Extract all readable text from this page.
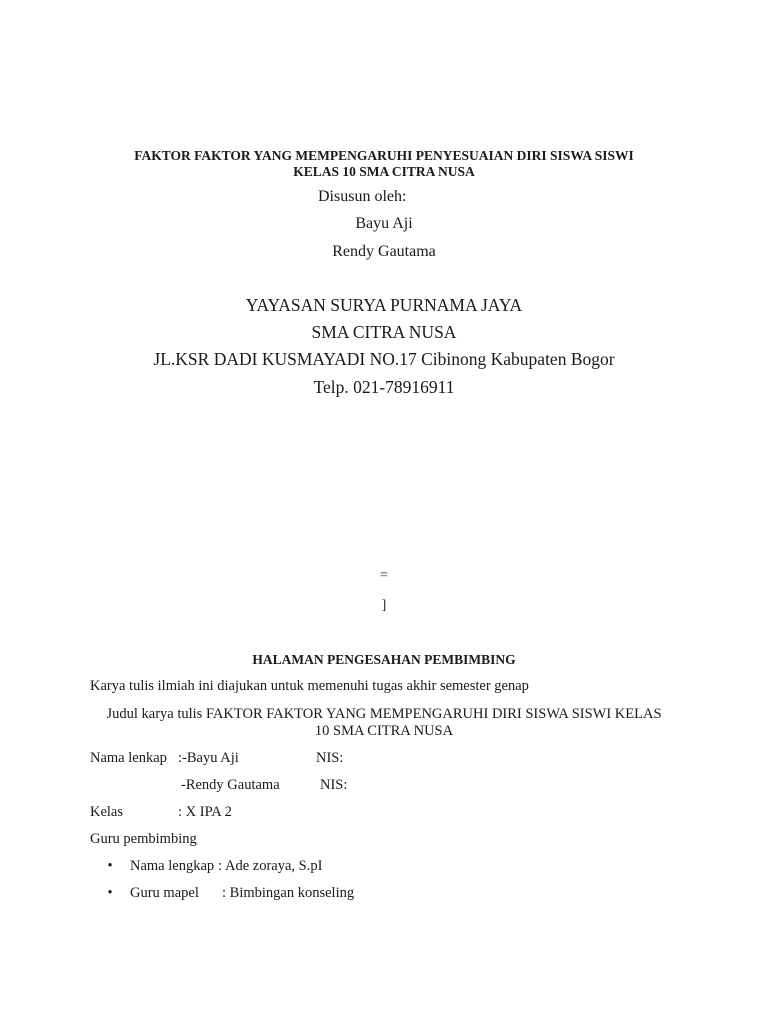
FAKTOR FAKTOR YANG MEMPENGARUHI PENYESUAIAN DIRI SISWA SISWI
KELAS 10 SMA CITRA NUSA
Disusun oleh:
Bayu Aji
Rendy Gautama
YAYASAN SURYA PURNAMA JAYA
SMA CITRA NUSA
JL.KSR DADI KUSMAYADI NO.17 Cibinong Kabupaten Bogor
Telp. 021-78916911
=
]
HALAMAN PENGESAHAN PEMBIMBING
Karya tulis ilmiah ini diajukan untuk memenuhi tugas akhir semester genap
Judul karya tulis FAKTOR FAKTOR YANG MEMPENGARUHI DIRI SISWA SISWI KELAS
10 SMA CITRA NUSA
Nama lenkap :-Bayu Aji	NIS:
-Rendy Gautama	NIS:
Kelas	: X IPA 2
Guru pembimbing
• Nama lengkap : Ade zoraya, S.pI
• Guru mapel : Bimbingan konseling
